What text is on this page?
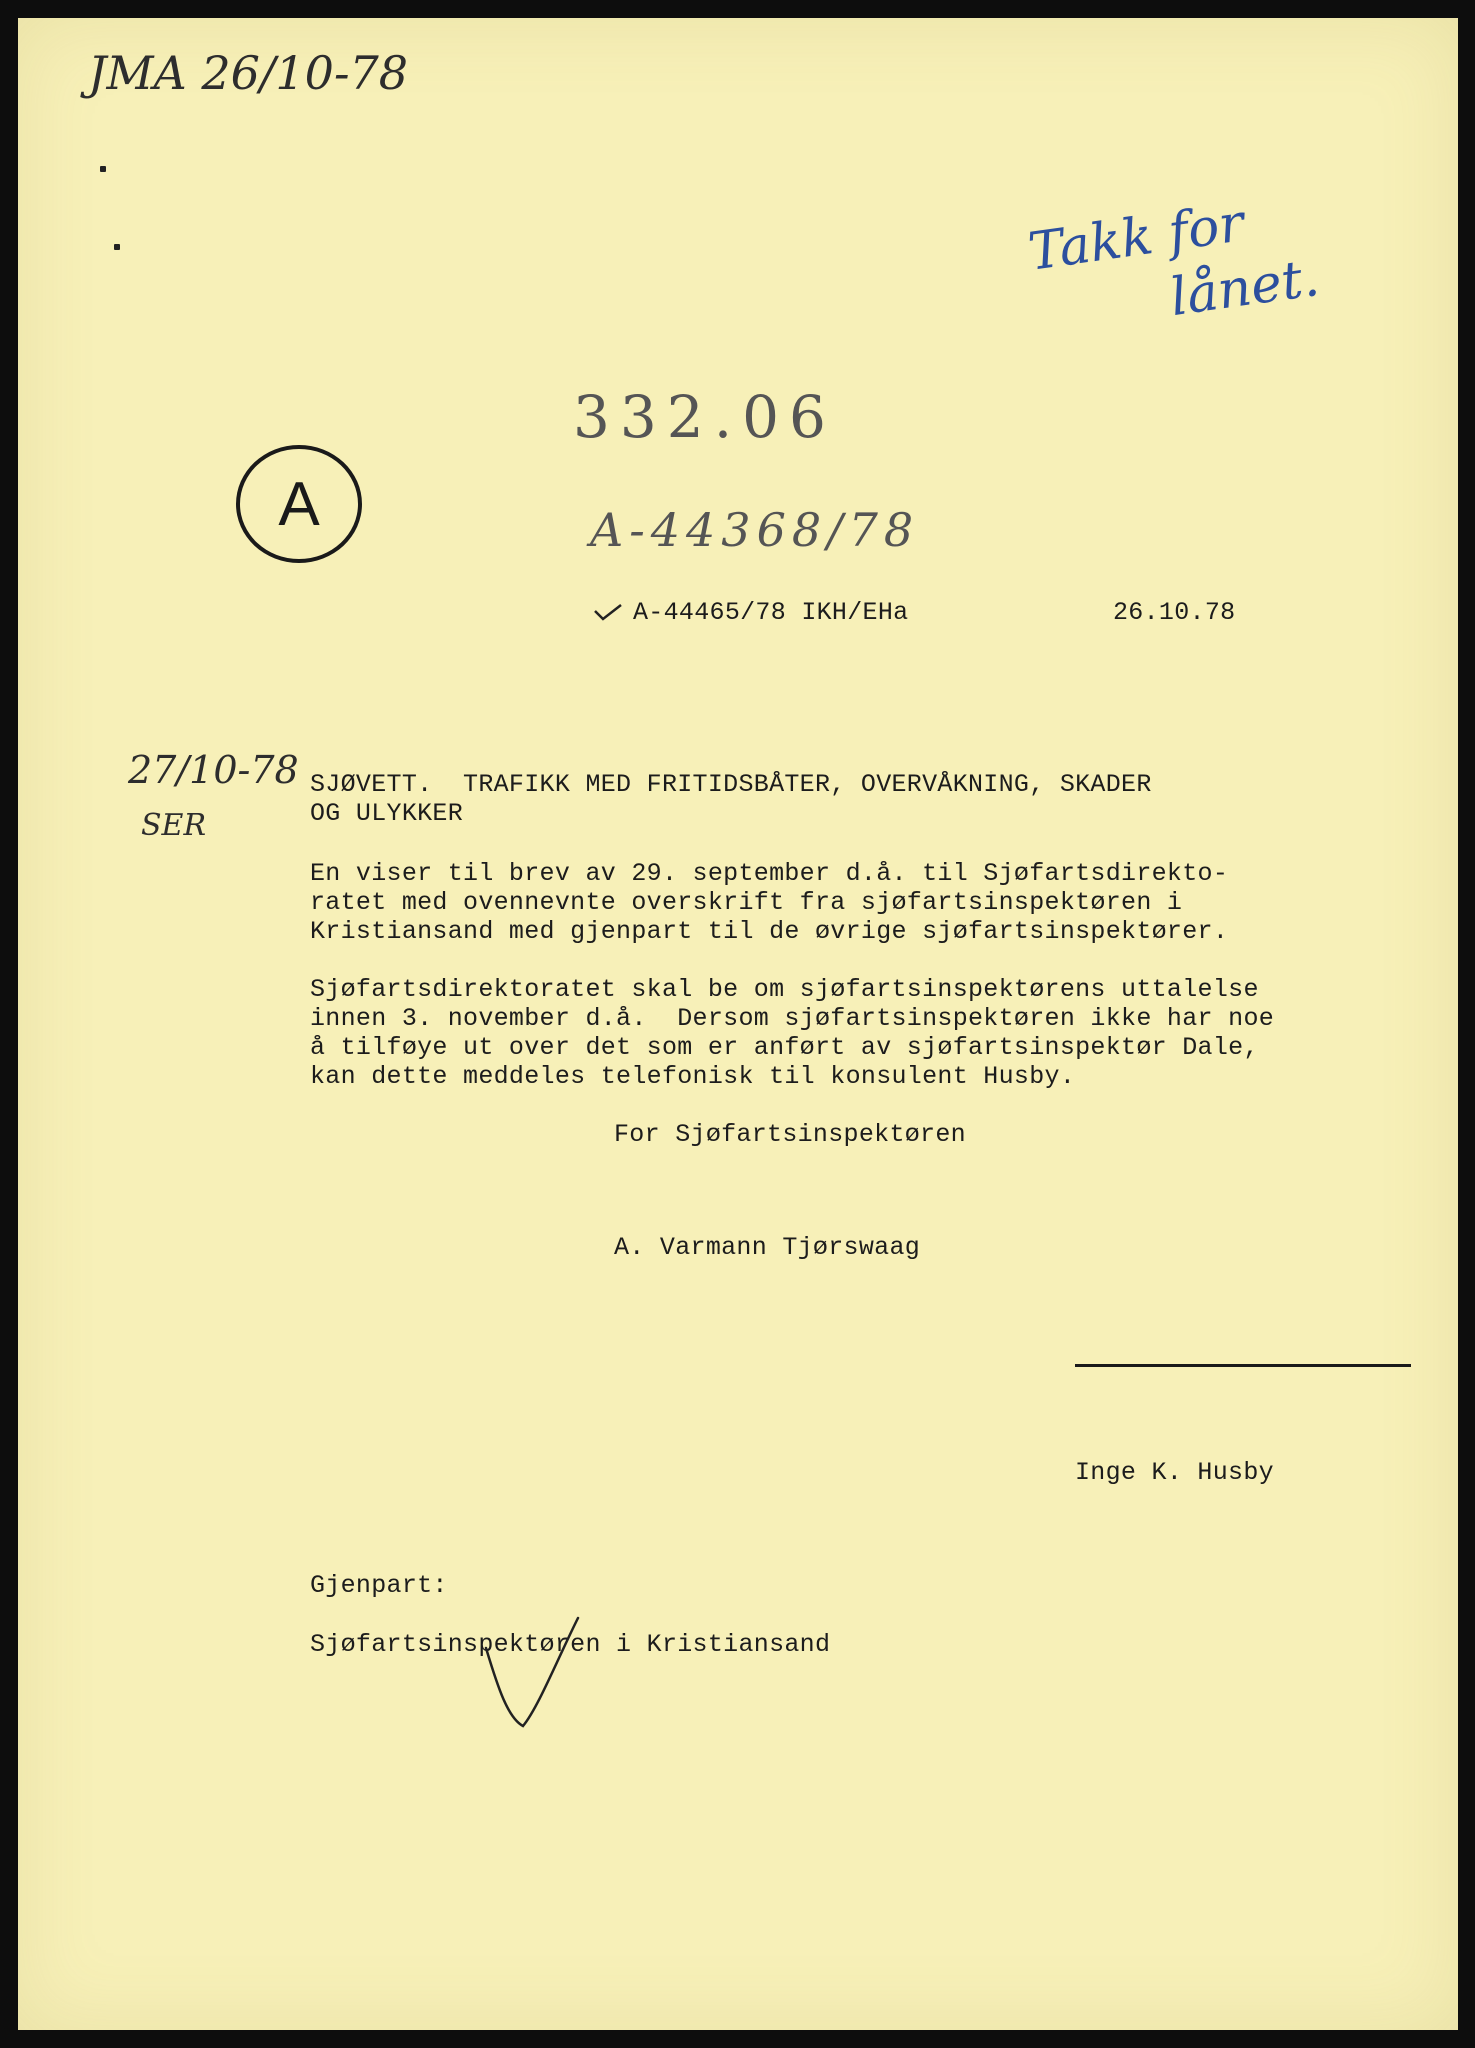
JMA 26/10-78
Takk for
lånet.
332.06
A-44368/78
A
A-44465/78 IKH/EHa	26.10.78
27/10-78
SER
SJØVETT.  TRAFIKK MED FRITIDSBÅTER, OVERVÅKNING, SKADER
OG ULYKKER
En viser til brev av 29. september d.å. til Sjøfartsdirekto-
ratet med ovennevnte overskrift fra sjøfartsinspektøren i
Kristiansand med gjenpart til de øvrige sjøfartsinspektører.
Sjøfartsdirektoratet skal be om sjøfartsinspektørens uttalelse
innen 3. november d.å.  Dersom sjøfartsinspektøren ikke har noe
å tilføye ut over det som er anført av sjøfartsinspektør Dale,
kan dette meddeles telefonisk til konsulent Husby.
For Sjøfartsinspektøren
A. Varmann Tjørswaag
Inge K. Husby
Gjenpart:
Sjøfartsinspektøren i Kristiansand
